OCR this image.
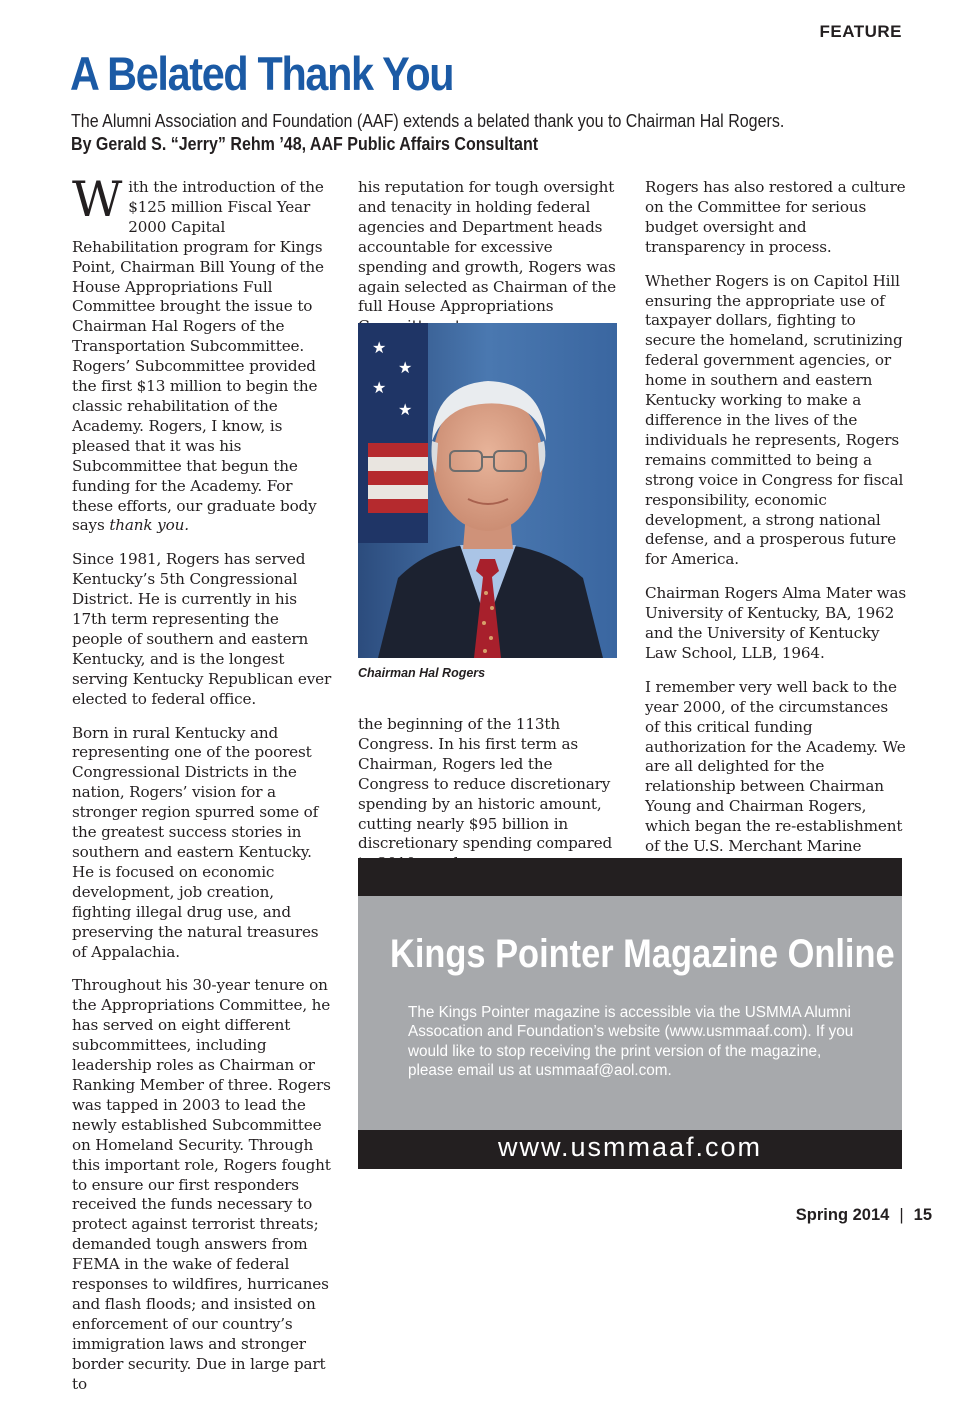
FEATURE
A Belated Thank You
The Alumni Association and Foundation (AAF) extends a belated thank you to Chairman Hal Rogers.
By Gerald S. “Jerry” Rehm ’48, AAF Public Affairs Consultant

With the introduction of the $125 million Fiscal Year 2000 Capital Rehabilitation program for Kings Point, Chairman Bill Young of the House Appropriations Full Committee brought the issue to Chairman Hal Rogers of the Transportation Subcommittee. Rogers’ Subcommittee provided the first $13 million to begin the classic rehabilitation of the Academy. Rogers, I know, is pleased that it was his Subcommittee that begun the funding for the Academy. For these efforts, our graduate body says thank you.

Since 1981, Rogers has served Kentucky’s 5th Congressional District. He is currently in his 17th term representing the people of southern and eastern Kentucky, and is the longest serving Kentucky Republican ever elected to federal office.

Born in rural Kentucky and representing one of the poorest Congressional Districts in the nation, Rogers’ vision for a stronger region spurred some of the greatest success stories in southern and eastern Kentucky. He is focused on economic development, job creation, fighting illegal drug use, and preserving the natural treasures of Appalachia.

Throughout his 30-year tenure on the Appropriations Committee, he has served on eight different subcommittees, including leadership roles as Chairman or Ranking Member of three. Rogers was tapped in 2003 to lead the newly established Subcommittee on Homeland Security. Through this important role, Rogers fought to ensure our first responders received the funds necessary to protect against terrorist threats; demanded tough answers from FEMA in the wake of federal responses to wildfires, hurricanes and flash floods; and insisted on enforcement of our country’s immigration laws and stronger border security. Due in large part to

his reputation for tough oversight and tenacity in holding federal agencies and Department heads accountable for excessive spending and growth, Rogers was again selected as Chairman of the full House Appropriations

★
★
★
★
Chairman Hal Rogers

the beginning of the 113th Congress. In his first term as Chairman, Rogers led the Congress to reduce discretionary spending by an historic amount, cutting nearly $95 billion in discretionary spending compared

Rogers has also restored a culture on the Committee for serious budget oversight and transparency in process.

Whether Rogers is on Capitol Hill ensuring the appropriate use of taxpayer dollars, fighting to secure the homeland, scrutinizing federal government agencies, or home in southern and eastern Kentucky working to make a difference in the lives of the individuals he represents, Rogers remains committed to being a strong voice in Congress for fiscal responsibility, economic development, a strong national defense, and a prosperous future for America.

Chairman Rogers Alma Mater was University of Kentucky, BA, 1962 and the University of Kentucky Law School, LLB, 1964.

I remember very well back to the year 2000, of the circumstances of this critical funding authorization for the Academy. We are all delighted for the relationship between Chairman Young and Chairman Rogers, which began the re-establishment of the U.S. Merchant Marine

Kings Pointer Magazine Online
The Kings Pointer magazine is accessible via the USMMA Alumni Assocation and Foundation’s website (www.usmmaaf.com). If you would like to stop receiving the print version of the magazine, please email us at usmmaaf@aol.com.
www.usmmaaf.com
Spring 2014 | 15
